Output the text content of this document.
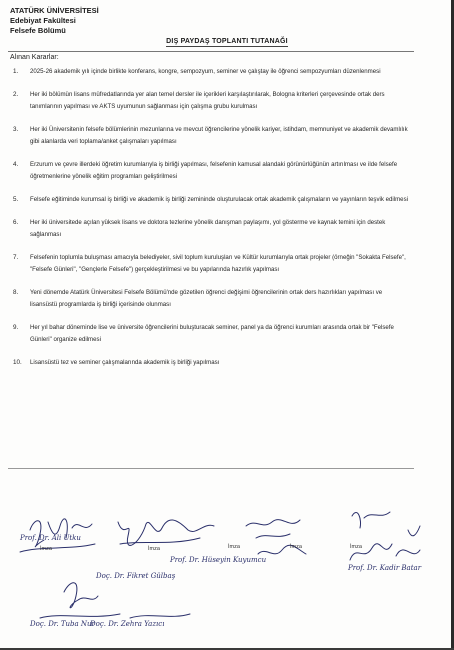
ATATÜRK ÜNİVERSİTESİ
Edebiyat Fakültesi
Felsefe Bölümü
DIŞ PAYDAŞ TOPLANTI TUTANAĞI
Alınan Kararlar:
1. 2025-26 akademik yılı içinde birlikte konferans, kongre, sempozyum, seminer ve çalıştay ile öğrenci sempozyumları düzenlenmesi
2. Her iki bölümün lisans müfredatlarında yer alan temel dersler ile içerikleri karşılaştırılarak, Bologna kriterleri çerçevesinde ortak ders tanımlarının yapılması ve AKTS uyumunun sağlanması için çalışma grubu kurulması
3. Her iki Üniversitenin felsefe bölümlerinin mezunlarına ve mevcut öğrencilerine yönelik kariyer, istihdam, memnuniyet ve akademik devamlılık gibi alanlarda veri toplama/anket çalışmaları yapılması
4. Erzurum ve çevre illerdeki öğretim kurumlarıyla iş birliği yapılması, felsefenin kamusal alandaki görünürlüğünün artırılması ve ilde felsefe öğretmenlerine yönelik eğitim programları geliştirilmesi
5. Felsefe eğitiminde kurumsal iş birliği ve akademik iş birliği zemininde oluşturulacak ortak akademik çalışmaların ve yayınların teşvik edilmesi
6. Her iki üniversitede açılan yüksek lisans ve doktora tezlerine yönelik danışman paylaşımı, yol gösterme ve kaynak temini için destek sağlanması
7. Felsefenin toplumla buluşması amacıyla belediyeler, sivil toplum kuruluşları ve Kültür kurumlarıyla ortak projeler (örneğin "Sokakta Felsefe", "Felsefe Günleri", "Gençlerle Felsefe") gerçekleştirilmesi ve bu yapılarında hazırlık yapılması
8. Yeni dönemde Atatürk Üniversitesi Felsefe Bölümü'nde gözetilen öğrenci değişimi öğrencilerinin ortak ders hazırlıkları yapılması ve lisansüstü programlarda iş birliği içerisinde olunması
9. Her yıl bahar döneminde lise ve üniversite öğrencilerini buluşturacak seminer, panel ya da öğrenci kurumları arasında ortak bir "Felsefe Günleri" organize edilmesi
10. Lisansüstü tez ve seminer çalışmalarında akademik iş birliği yapılması
Prof. Dr. Ali Utku
Prof. Dr. Hüseyin Kuyumcu
Doç. Dr. Fikret Gülbaş
Prof. Dr. Kadir Batar
Doç. Dr. Tuba Nur
Doç. Dr. Zehra Yazıcı
İmza	İmza	İmza	İmza	İmza
